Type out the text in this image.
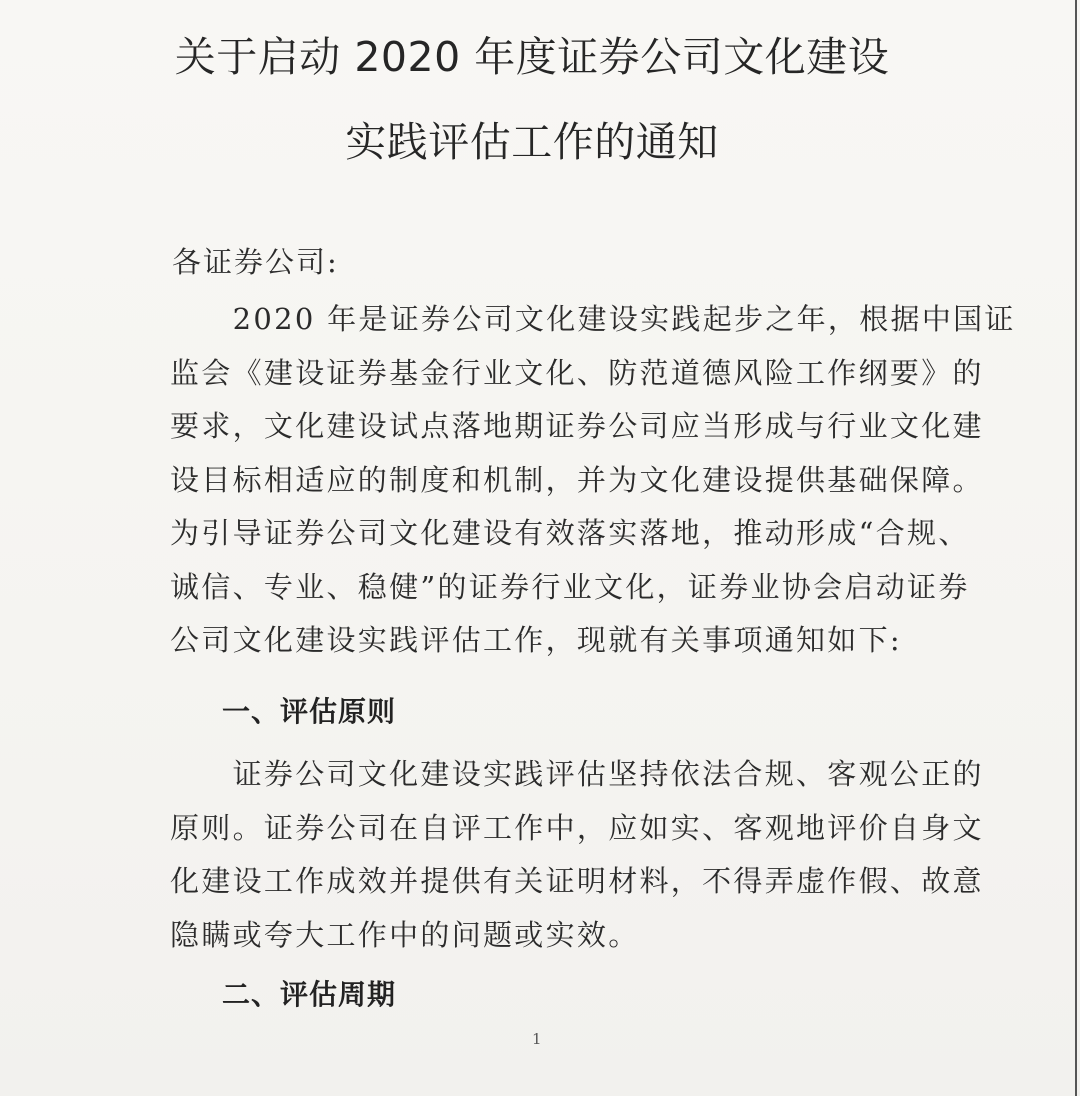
关于启动 2020 年度证券公司文化建设
实践评估工作的通知
各证券公司:
　　2020 年是证券公司文化建设实践起步之年，根据中国证
监会《建设证券基金行业文化、防范道德风险工作纲要》的
要求，文化建设试点落地期证券公司应当形成与行业文化建
设目标相适应的制度和机制，并为文化建设提供基础保障。
为引导证券公司文化建设有效落实落地，推动形成“合规、
诚信、专业、稳健”的证券行业文化，证券业协会启动证券
公司文化建设实践评估工作，现就有关事项通知如下:
一、评估原则
　　证券公司文化建设实践评估坚持依法合规、客观公正的
原则。证券公司在自评工作中，应如实、客观地评价自身文
化建设工作成效并提供有关证明材料，不得弄虚作假、故意
隐瞒或夸大工作中的问题或实效。
二、评估周期
1
